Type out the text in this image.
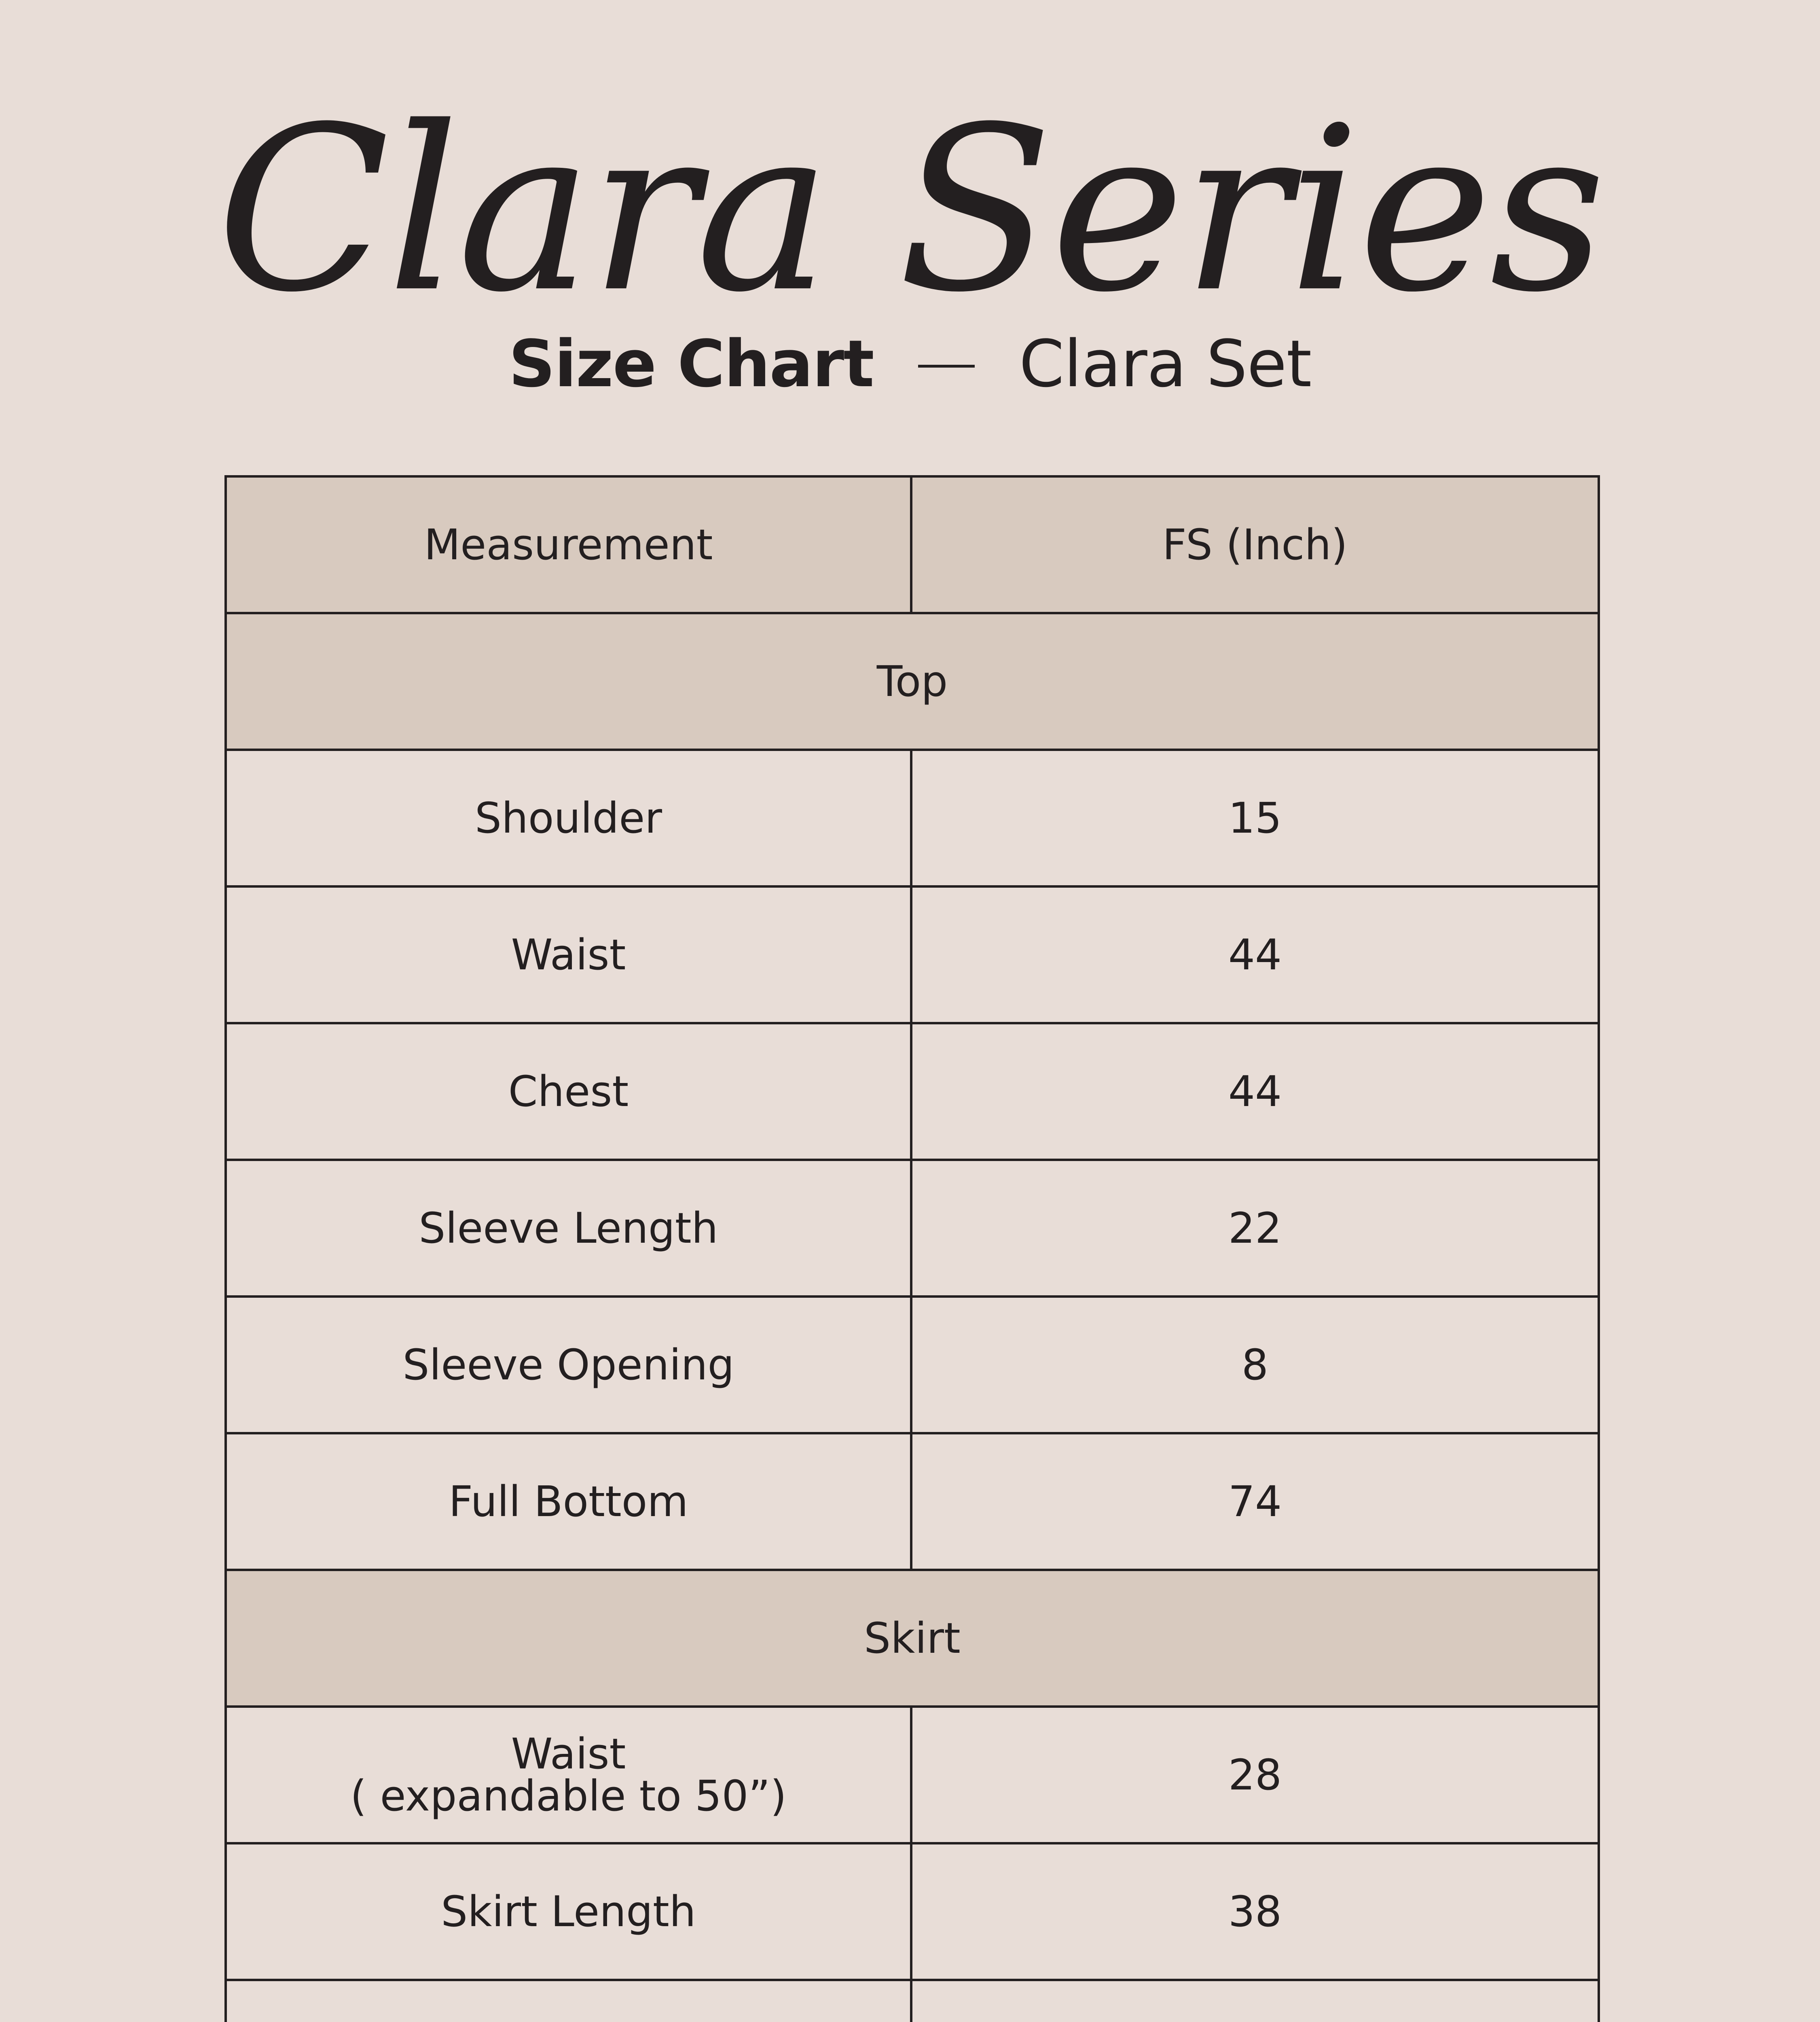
Clara Series
Size Chart Clara Set
Measurement	FS (Inch)
Top	
Shoulder	15
Waist	44
Chest	44
Sleeve Length	22
Sleeve Opening	8
Full Bottom	74
Skirt	

Waist
( expandable to 50”)	28
Skirt Length	38
